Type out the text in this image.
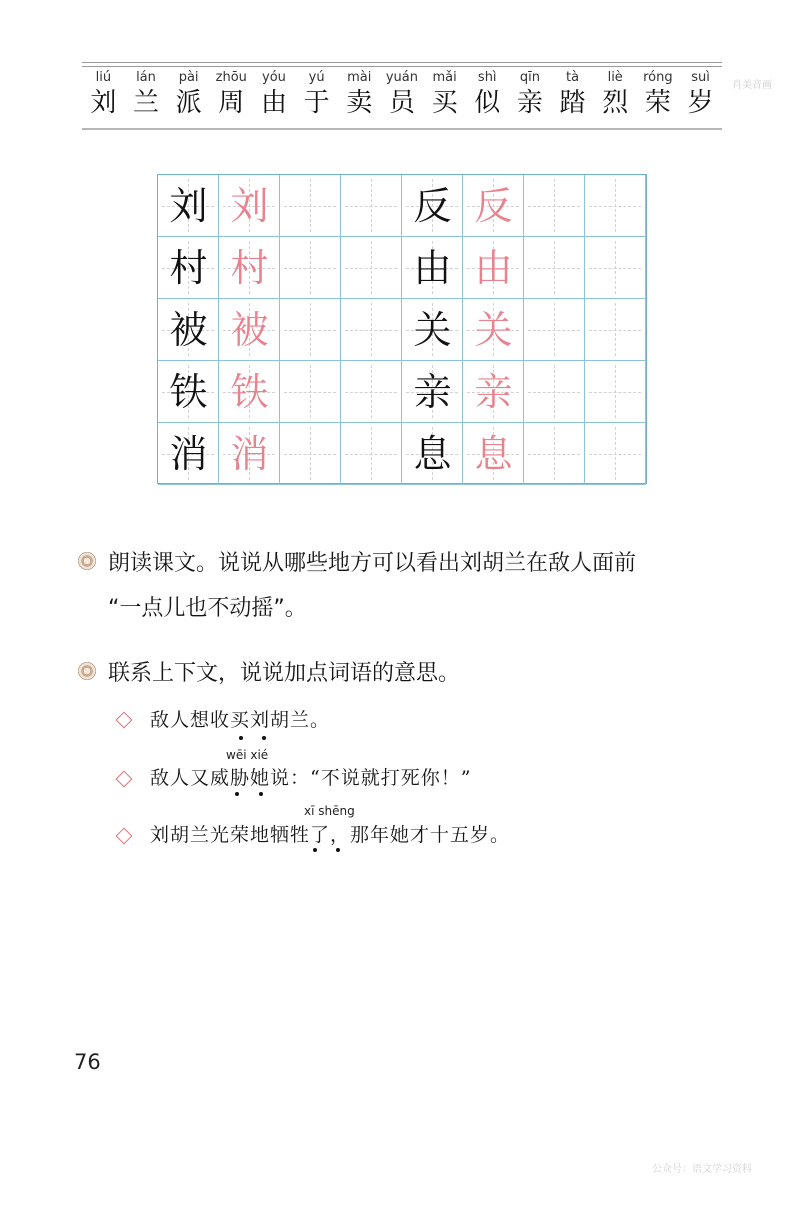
liú
刘
lán
兰
pài
派
zhōu
周
yóu
由
yú
于
mài
卖
yuán
员
mǎi
买
shì
似
qīn
亲
tà
踏
liè
烈
róng
荣
suì
岁
肖美音画
刘 刘	反 反
村 村	由 由
被 被	关 关
铁 铁	亲 亲
消 消	息 息
朗读课文。说说从哪些地方可以看出刘胡兰在敌人面前
“一点儿也不动摇”。
联系上下文，说说加点词语的意思。
敌人想收买刘胡兰。
wēi xié
敌人又威胁她说：“不说就打死你！”
xī shēng
刘胡兰光荣地牺牲了，那年她才十五岁。
76
公众号：语文学习资料
